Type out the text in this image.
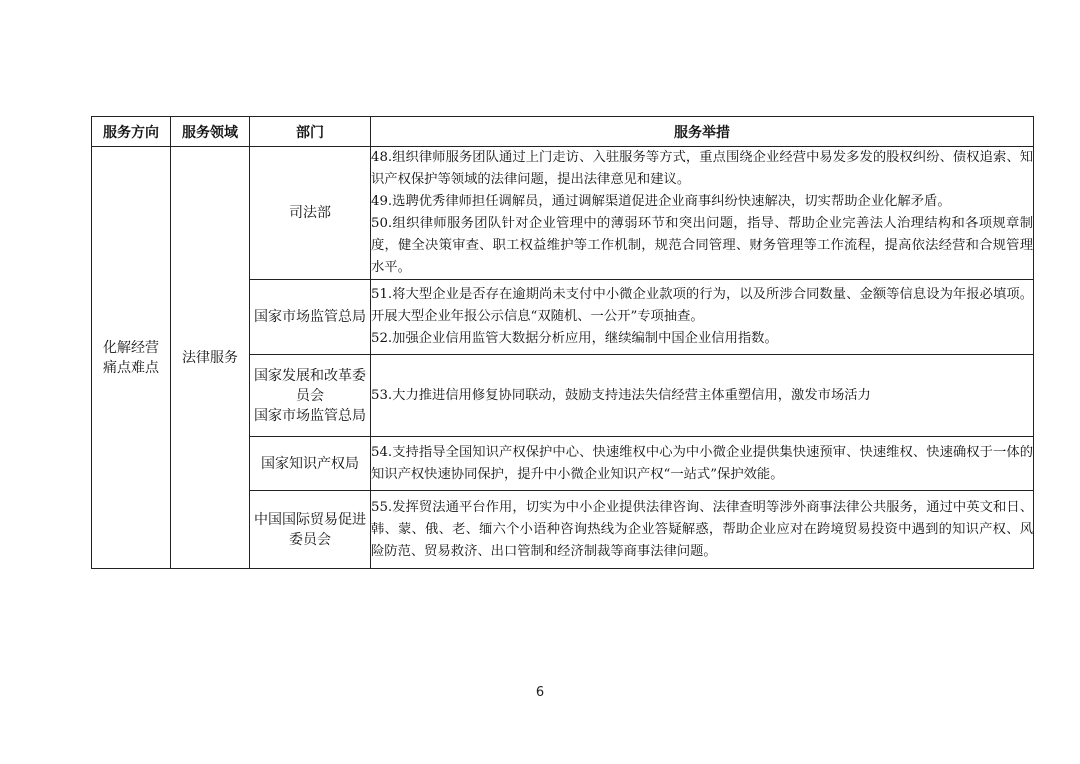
服务方向	服务领域	部门	服务举措
化解经营痛点难点	法律服务	司法部	48.组织律师服务团队通过上门走访、入驻服务等方式，重点围绕企业经营中易发多发的股权纠纷、债权追索、知识产权保护等领域的法律问题，提出法律意见和建议。

49.选聘优秀律师担任调解员，通过调解渠道促进企业商事纠纷快速解决，切实帮助企业化解矛盾。

50.组织律师服务团队针对企业管理中的薄弱环节和突出问题，指导、帮助企业完善法人治理结构和各项规章制度，健全决策审查、职工权益维护等工作机制，规范合同管理、财务管理等工作流程，提高依法经营和合规管理水平。

		国家市场监管总局	51.将大型企业是否存在逾期尚未支付中小微企业款项的行为，以及所涉合同数量、金额等信息设为年报必填项。开展大型企业年报公示信息“双随机、一公开”专项抽查。

52.加强企业信用监管大数据分析应用，继续编制中国企业信用指数。

		国家发展和改革委员会
国家市场监管总局	53.大力推进信用修复协同联动，鼓励支持违法失信经营主体重塑信用，激发市场活力

		国家知识产权局	54.支持指导全国知识产权保护中心、快速维权中心为中小微企业提供集快速预审、快速维权、快速确权于一体的知识产权快速协同保护，提升中小微企业知识产权“一站式”保护效能。

		中国国际贸易促进委员会	55.发挥贸法通平台作用，切实为中小企业提供法律咨询、法律查明等涉外商事法律公共服务，通过中英文和日、韩、蒙、俄、老、缅六个小语种咨询热线为企业答疑解惑，帮助企业应对在跨境贸易投资中遇到的知识产权、风险防范、贸易救济、出口管制和经济制裁等商事法律问题。

6
